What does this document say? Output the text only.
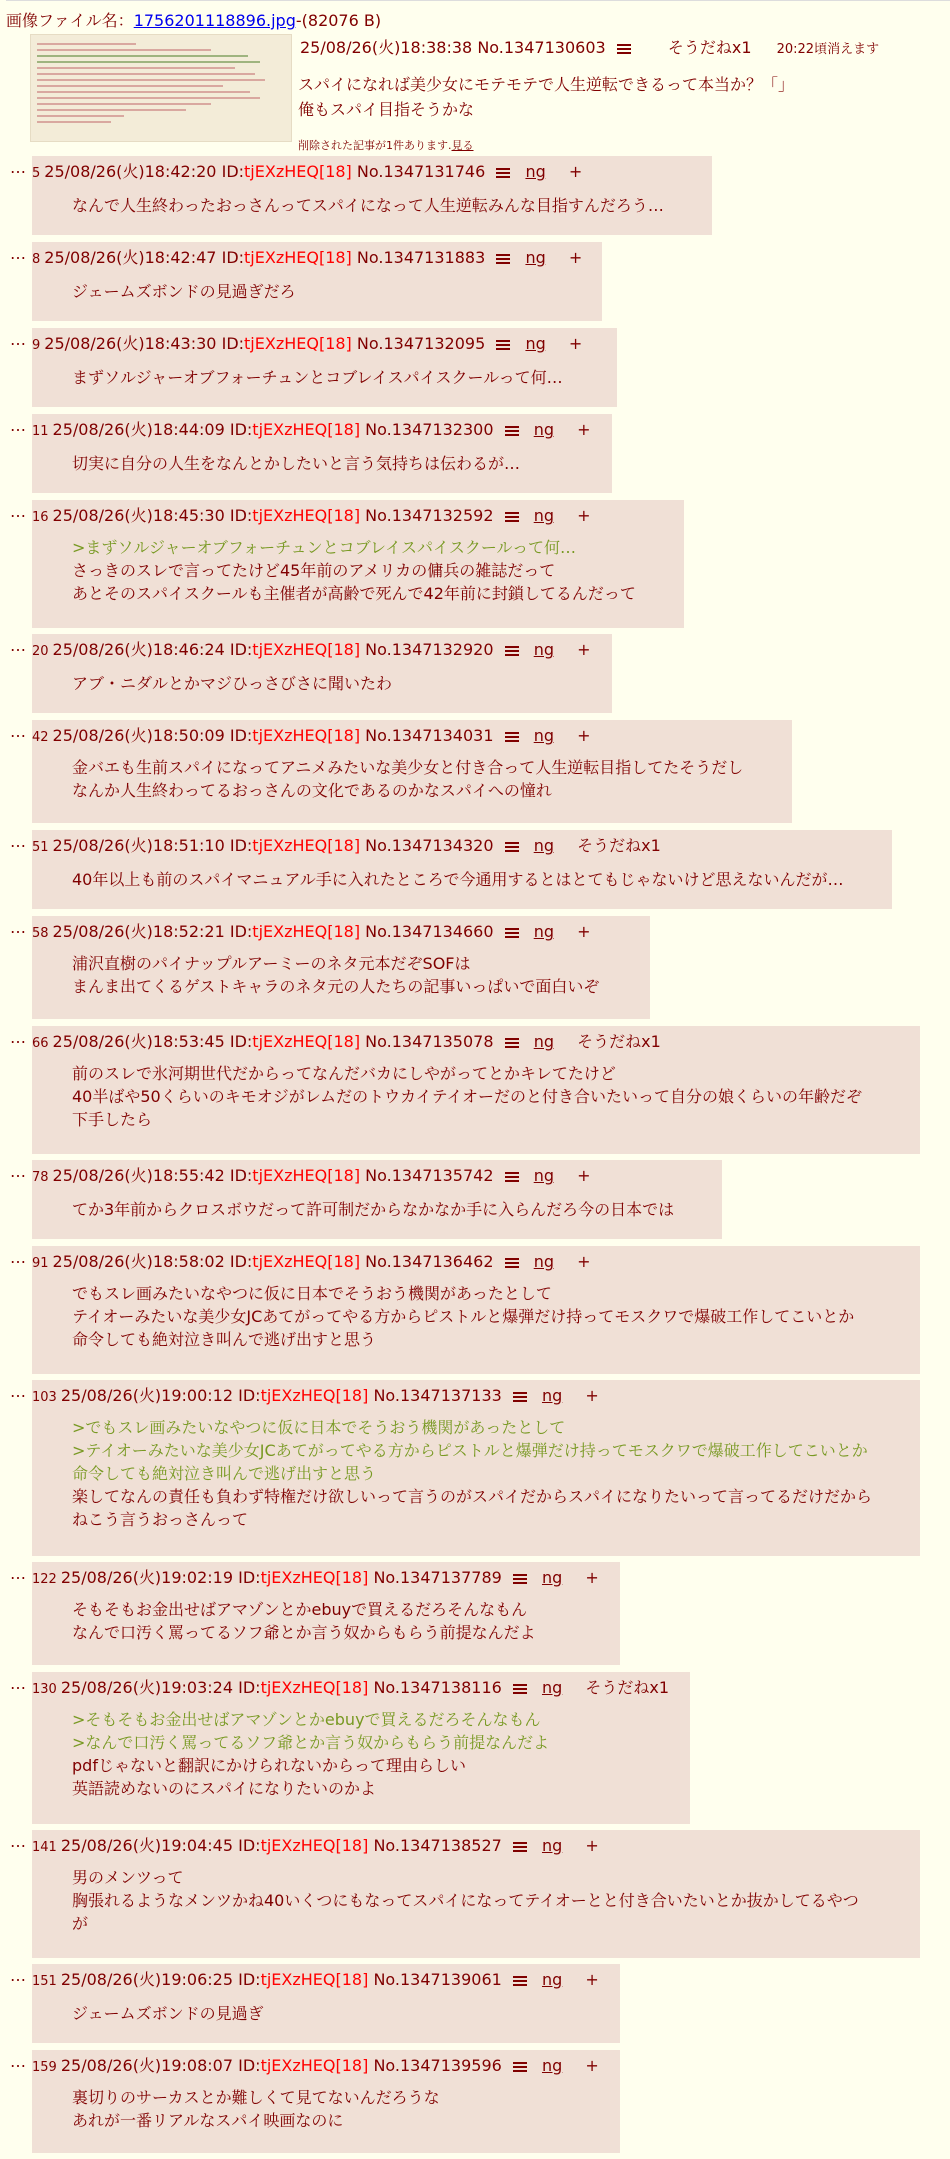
画像ファイル名：1756201118896.jpg-(82076 B)
25/08/26(火)18:38:38 No.1347130603	そうだねx1 20:22頃消えます
スパイになれば美少女にモテモテで人生逆転できるって本当か？「」
俺もスパイ目指そうかな
削除された記事が1件あります.見る
… 5 25/08/26(火)18:42:20 ID:tjEXzHEQ[18] No.1347131746	ng +
なんで人生終わったおっさんってスパイになって人生逆転みんな目指すんだろう…
… 8 25/08/26(火)18:42:47 ID:tjEXzHEQ[18] No.1347131883	ng +
ジェームズボンドの見過ぎだろ
… 9 25/08/26(火)18:43:30 ID:tjEXzHEQ[18] No.1347132095	ng +
まずソルジャーオブフォーチュンとコブレイスパイスクールって何…
… 11 25/08/26(火)18:44:09 ID:tjEXzHEQ[18] No.1347132300	ng +
切実に自分の人生をなんとかしたいと言う気持ちは伝わるが…
… 16 25/08/26(火)18:45:30 ID:tjEXzHEQ[18] No.1347132592	ng +
>まずソルジャーオブフォーチュンとコブレイスパイスクールって何…
さっきのスレで言ってたけど45年前のアメリカの傭兵の雑誌だって
あとそのスパイスクールも主催者が高齢で死んで42年前に封鎖してるんだって
… 20 25/08/26(火)18:46:24 ID:tjEXzHEQ[18] No.1347132920	ng +
アブ・ニダルとかマジひっさびさに聞いたわ
… 42 25/08/26(火)18:50:09 ID:tjEXzHEQ[18] No.1347134031	ng +
金バエも生前スパイになってアニメみたいな美少女と付き合って人生逆転目指してたそうだし
なんか人生終わってるおっさんの文化であるのかなスパイへの憧れ
… 51 25/08/26(火)18:51:10 ID:tjEXzHEQ[18] No.1347134320	ng そうだねx1
40年以上も前のスパイマニュアル手に入れたところで今通用するとはとてもじゃないけど思えないんだが…
… 58 25/08/26(火)18:52:21 ID:tjEXzHEQ[18] No.1347134660	ng +
浦沢直樹のパイナップルアーミーのネタ元本だぞSOFは
まんま出てくるゲストキャラのネタ元の人たちの記事いっぱいで面白いぞ
… 66 25/08/26(火)18:53:45 ID:tjEXzHEQ[18] No.1347135078	ng そうだねx1
前のスレで氷河期世代だからってなんだバカにしやがってとかキレてたけど
40半ばや50くらいのキモオジがレムだのトウカイテイオーだのと付き合いたいって自分の娘くらいの年齢だぞ
下手したら
… 78 25/08/26(火)18:55:42 ID:tjEXzHEQ[18] No.1347135742	ng +
てか3年前からクロスボウだって許可制だからなかなか手に入らんだろ今の日本では
… 91 25/08/26(火)18:58:02 ID:tjEXzHEQ[18] No.1347136462	ng +
でもスレ画みたいなやつに仮に日本でそうおう機関があったとして
テイオーみたいな美少女JCあてがってやる方からピストルと爆弾だけ持ってモスクワで爆破工作してこいとか
命令しても絶対泣き叫んで逃げ出すと思う
… 103 25/08/26(火)19:00:12 ID:tjEXzHEQ[18] No.1347137133	ng +
>でもスレ画みたいなやつに仮に日本でそうおう機関があったとして
>テイオーみたいな美少女JCあてがってやる方からピストルと爆弾だけ持ってモスクワで爆破工作してこいとか
命令しても絶対泣き叫んで逃げ出すと思う
楽してなんの責任も負わず特権だけ欲しいって言うのがスパイだからスパイになりたいって言ってるだけだから
ねこう言うおっさんって
… 122 25/08/26(火)19:02:19 ID:tjEXzHEQ[18] No.1347137789	ng +
そもそもお金出せばアマゾンとかebuyで買えるだろそんなもん
なんで口汚く罵ってるソフ爺とか言う奴からもらう前提なんだよ
… 130 25/08/26(火)19:03:24 ID:tjEXzHEQ[18] No.1347138116	ng そうだねx1
>そもそもお金出せばアマゾンとかebuyで買えるだろそんなもん
>なんで口汚く罵ってるソフ爺とか言う奴からもらう前提なんだよ
pdfじゃないと翻訳にかけられないからって理由らしい
英語読めないのにスパイになりたいのかよ
… 141 25/08/26(火)19:04:45 ID:tjEXzHEQ[18] No.1347138527	ng +
男のメンツって
胸張れるようなメンツかね40いくつにもなってスパイになってテイオーとと付き合いたいとか抜かしてるやつ
が
… 151 25/08/26(火)19:06:25 ID:tjEXzHEQ[18] No.1347139061	ng +
ジェームズボンドの見過ぎ
… 159 25/08/26(火)19:08:07 ID:tjEXzHEQ[18] No.1347139596	ng +
裏切りのサーカスとか難しくて見てないんだろうな
あれが一番リアルなスパイ映画なのに
